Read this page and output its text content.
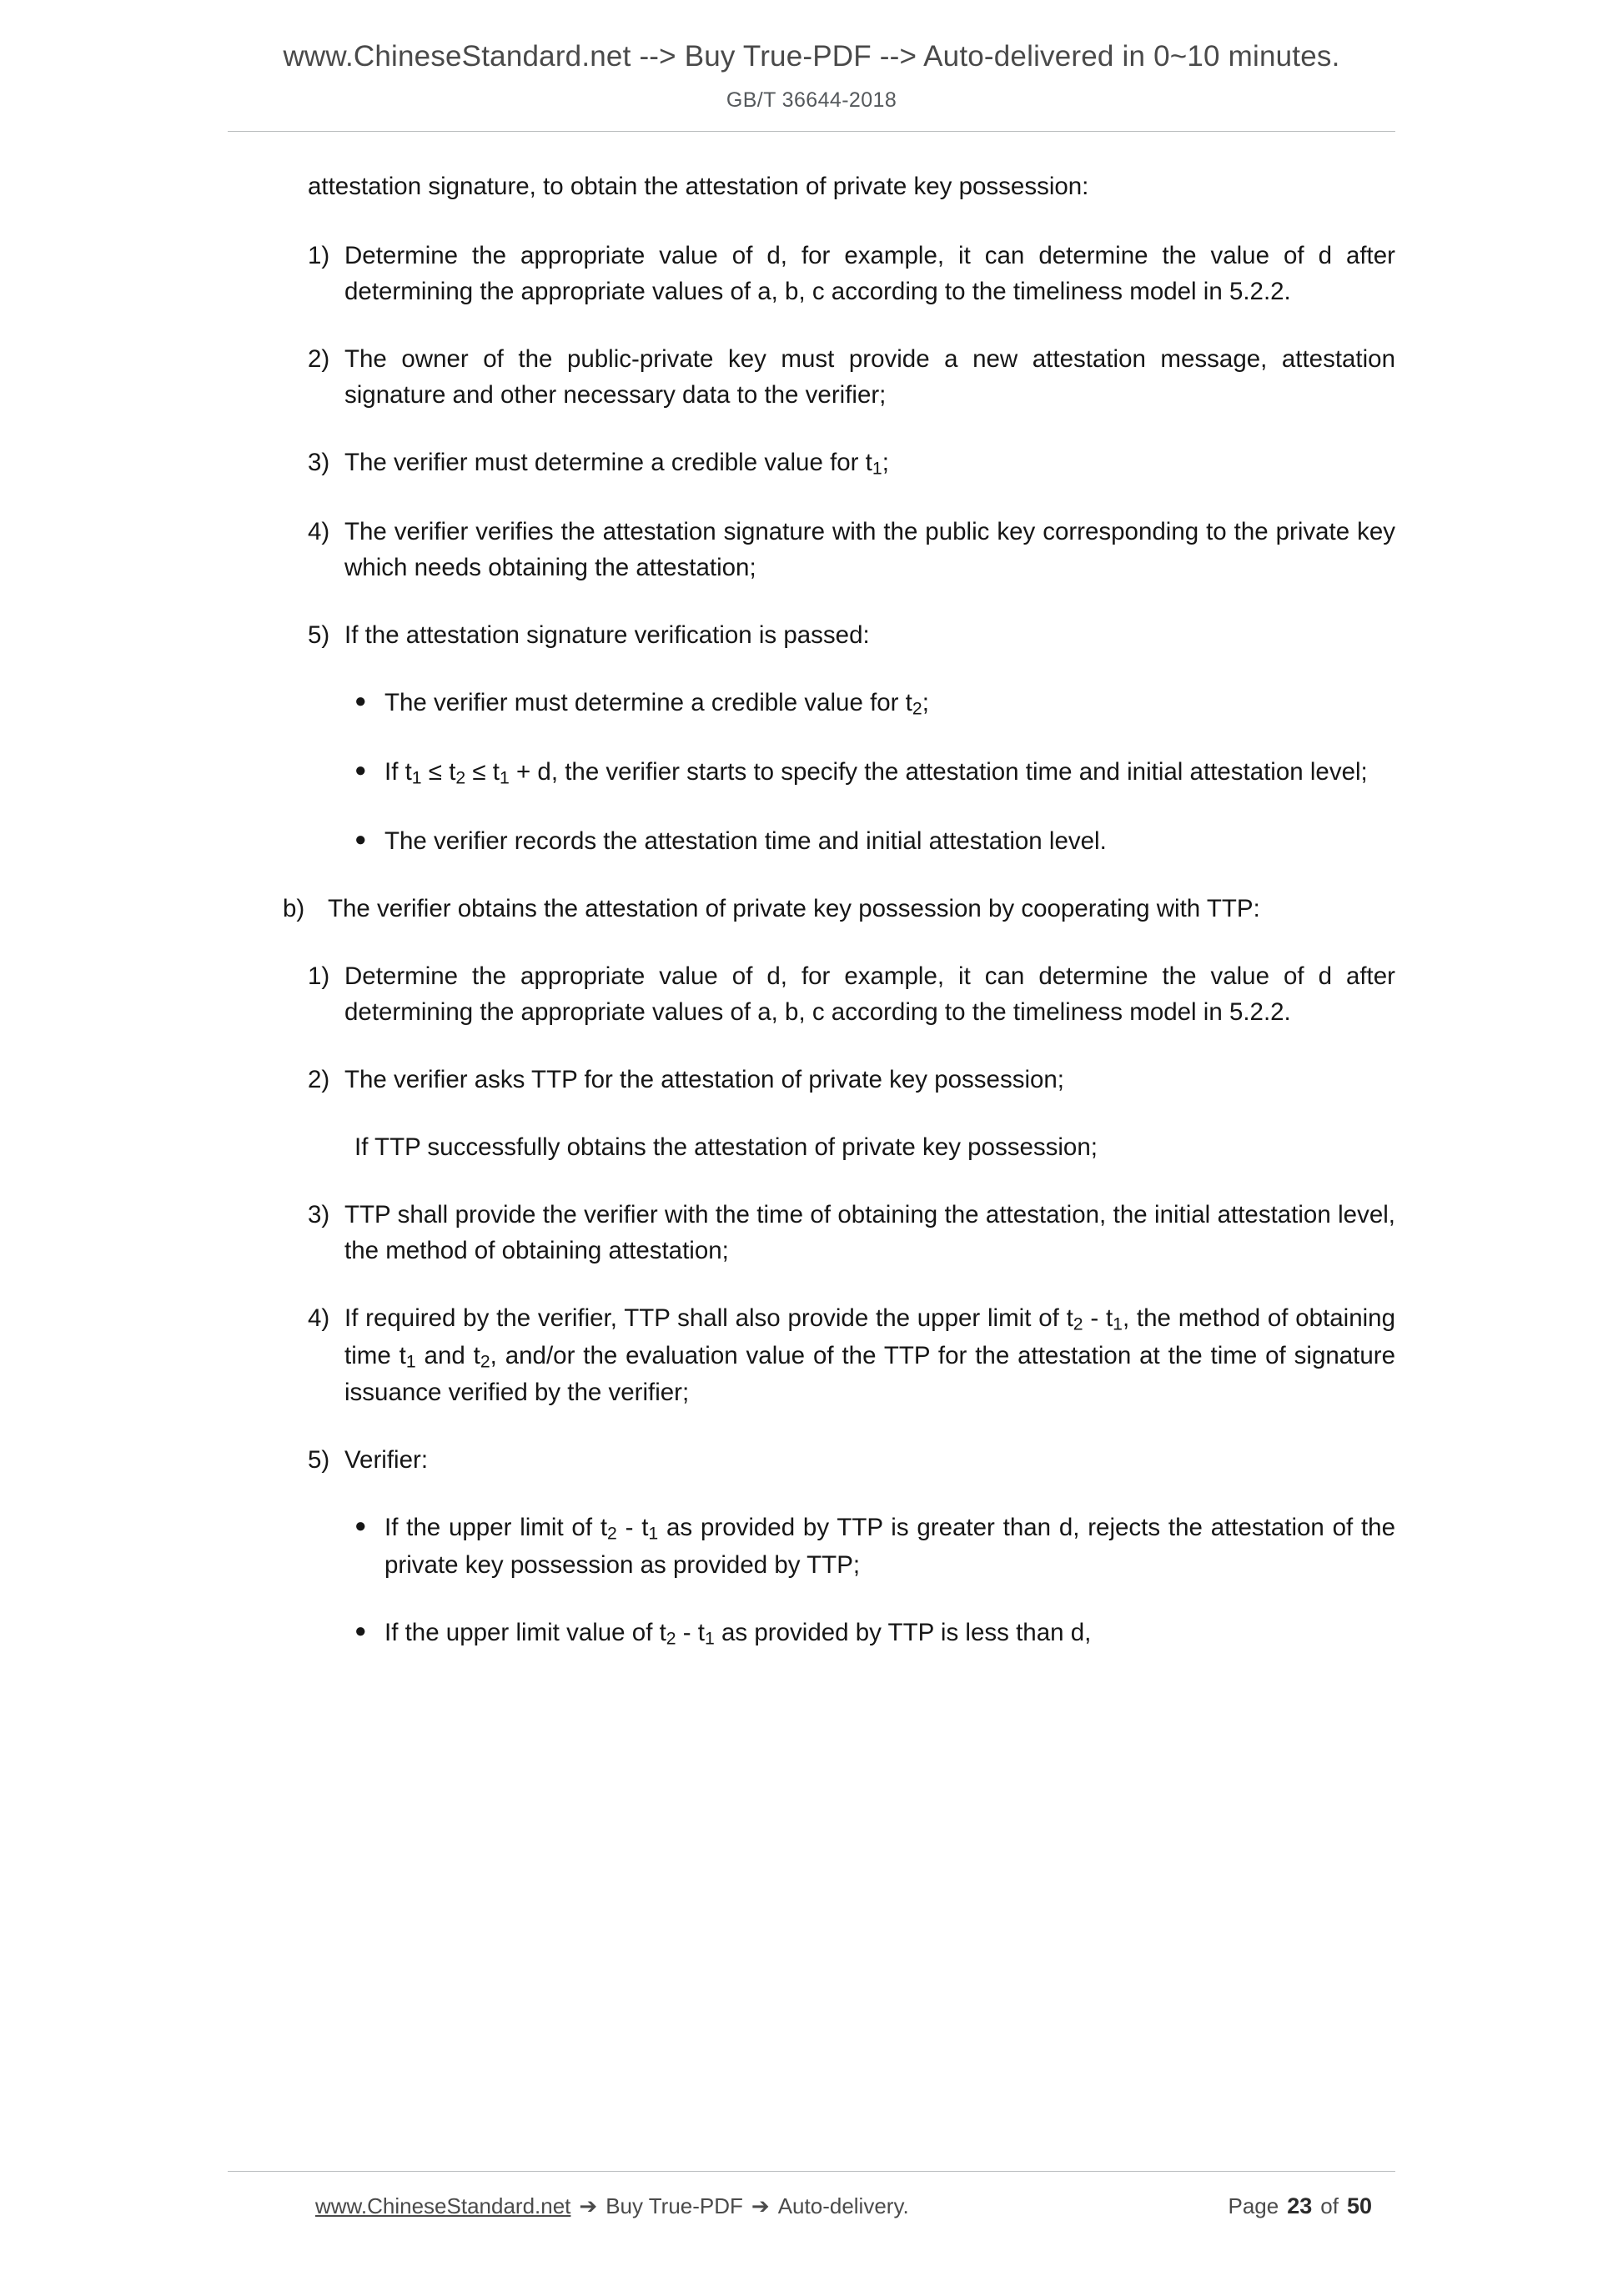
www.ChineseStandard.net --> Buy True-PDF --> Auto-delivered in 0~10 minutes.
GB/T 36644-2018
attestation signature, to obtain the attestation of private key possession:
1) Determine the appropriate value of d, for example, it can determine the value of d after determining the appropriate values of a, b, c according to the timeliness model in 5.2.2.
2) The owner of the public-private key must provide a new attestation message, attestation signature and other necessary data to the verifier;
3) The verifier must determine a credible value for $t_1$;
4) The verifier verifies the attestation signature with the public key corresponding to the private key which needs obtaining the attestation;
5) If the attestation signature verification is passed:
● The verifier must determine a credible value for $t_2$;
● If $t_1 \le t_2 \le t_1 + d$, the verifier starts to specify the attestation time and initial attestation level;
● The verifier records the attestation time and initial attestation level.
b) The verifier obtains the attestation of private key possession by cooperating with TTP:
1) Determine the appropriate value of d, for example, it can determine the value of d after determining the appropriate values of a, b, c according to the timeliness model in 5.2.2.
2) The verifier asks TTP for the attestation of private key possession;
If TTP successfully obtains the attestation of private key possession;
3) TTP shall provide the verifier with the time of obtaining the attestation, the initial attestation level, the method of obtaining attestation;
4) If required by the verifier, TTP shall also provide the upper limit of $t_2 - t_1$, the method of obtaining time $t_1$ and $t_2$, and/or the evaluation value of the TTP for the attestation at the time of signature issuance verified by the verifier;
5) Verifier:
● If the upper limit of $t_2 - t_1$ as provided by TTP is greater than d, rejects the attestation of the private key possession as provided by TTP;
● If the upper limit value of $t_2 - t_1$ as provided by TTP is less than d,
www.ChineseStandard.net ➔ Buy True-PDF ➔ Auto-delivery.	Page 23 of 50
